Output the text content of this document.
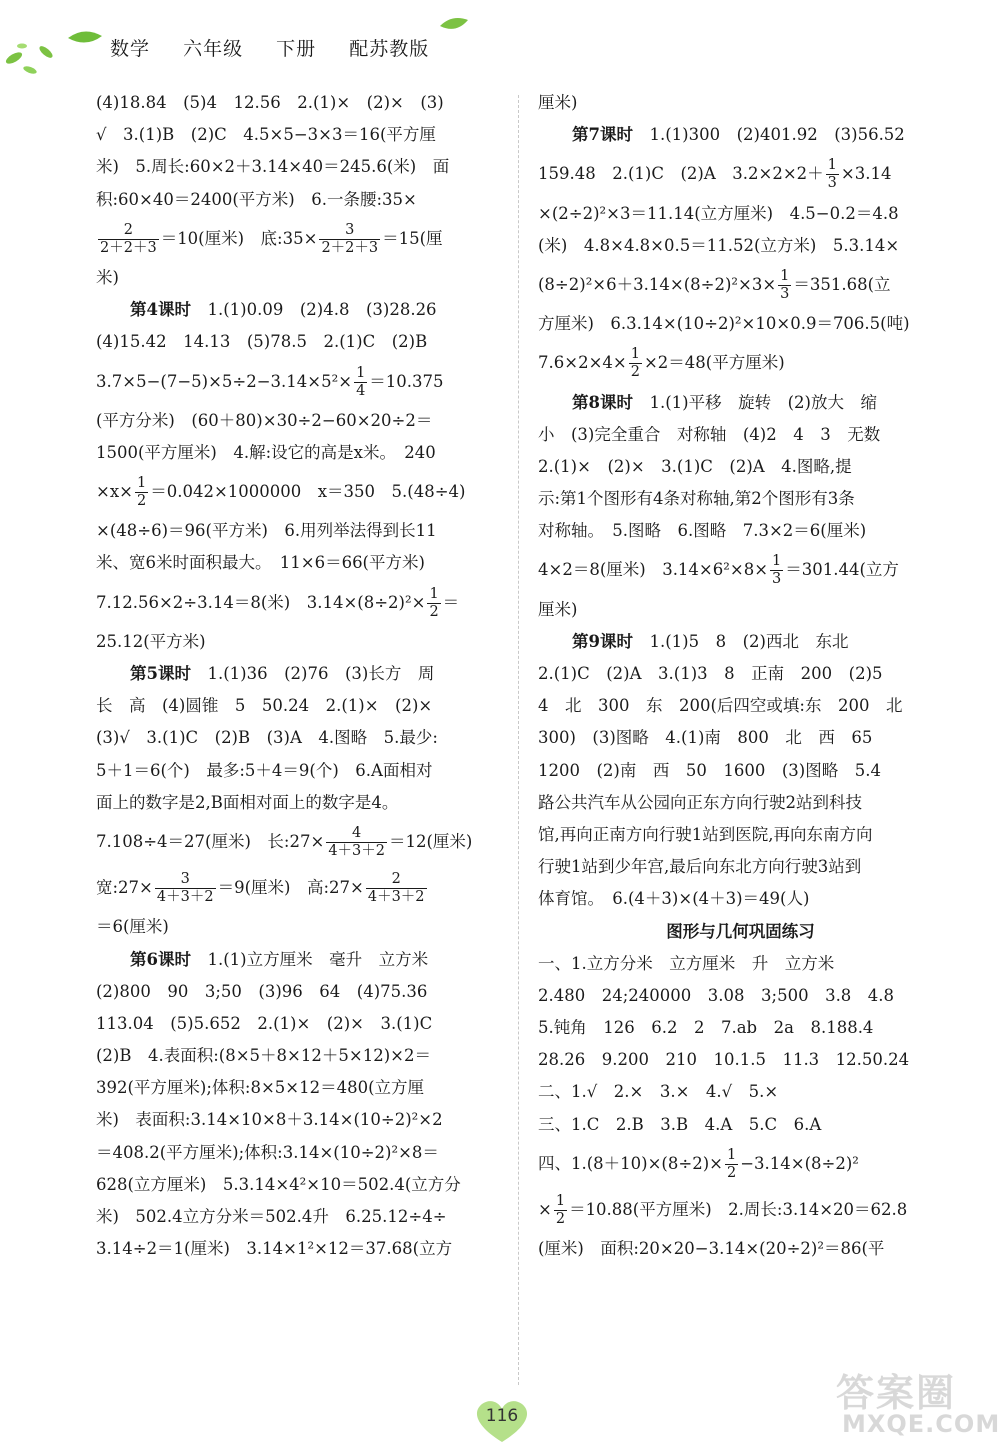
数学 六年级 下册 配苏教版
(4)18.84　(5)4　12.56　2.(1)×　(2)×　(3)
√　3.(1)B　(2)C　4.5×5−3×3＝16(平方厘
米)　5.周长:60×2＋3.14×40＝245.6(米)　面
积:60×40＝2400(平方米)　6.一条腰:35×
$\frac{2}{2+2+3} =10$(厘米)　底:35× $\frac{3}{2+2+3} =15$(厘
米)
第4课时　1.(1)0.09　(2)4.8　(3)28.26
(4)15.42　14.13　(5)78.5　2.(1)C　(2)B
$3.7\times 5-(7-5)\times 5\div 2-3.14\times 5^2\times \frac{1}{4} =10.375$
(平方分米)　(60＋80)×30÷2−60×20÷2＝
1500(平方厘米)　4.解:设它的高是x米。　240
$\times x\times \frac{1}{2} =0.042\times 1000000$　x＝350　5.(48÷4)
×(48÷6)＝96(平方米)　6.用列举法得到长11
米、宽6米时面积最大。　11×6＝66(平方米)
7.12.56×2÷3.14＝8(米)　$3.14\times(8\div 2)^2\times \frac{1}{2}$ ＝
25.12(平方米)
第5课时　1.(1)36　(2)76　(3)长方　周
长　高　(4)圆锥　5　50.24　2.(1)×　(2)×
(3)√　3.(1)C　(2)B　(3)A　4.图略　5.最少:
5＋1＝6(个)　最多:5＋4＝9(个)　6.A面相对
面上的数字是2,B面相对面上的数字是4。
7.108÷4＝27(厘米)　长:27× $\frac{4}{4+3+2} =12$(厘米)
宽:27× $\frac{3}{4+3+2} =9$(厘米)　高:27× $\frac{2}{4+3+2}$
＝6(厘米)
第6课时　1.(1)立方厘米　毫升　立方米
(2)800　90　3;50　(3)96　64　(4)75.36
113.04　(5)5.652　2.(1)×　(2)×　3.(1)C
(2)B　4.表面积:(8×5＋8×12＋5×12)×2＝
392(平方厘米);体积:8×5×12＝480(立方厘
米)　表面积:3.14×10×8＋3.14×(10÷2)²×2
＝408.2(平方厘米);体积:3.14×(10÷2)²×8＝
628(立方厘米)　5.3.14×4²×10＝502.4(立方分
米)　502.4立方分米＝502.4升　6.25.12÷4÷
3.14÷2＝1(厘米)　3.14×1²×12＝37.68(立方
厘米)
第7课时　1.(1)300　(2)401.92　(3)56.52
159.48　2.(1)C　(2)A　$3.2\times 2\times 2+ \frac{1}{3} \times 3.14$
×(2÷2)²×3＝11.14(立方厘米)　4.5−0.2＝4.8
(米)　4.8×4.8×0.5＝11.52(立方米)　5.3.14×
$(8\div 2)^2\times 6+3.14\times(8\div 2)^2\times 3\times \frac{1}{3} =351.68$(立
方厘米)　6.3.14×(10÷2)²×10×0.9＝706.5(吨)
$7.6\times 2\times 4\times \frac{1}{2} \times 2=48$(平方厘米)
第8课时　1.(1)平移　旋转　(2)放大　缩
小　(3)完全重合　对称轴　(4)2　4　3　无数
2.(1)×　(2)×　3.(1)C　(2)A　4.图略,提
示:第1个图形有4条对称轴,第2个图形有3条
对称轴。　5.图略　6.图略　7.3×2＝6(厘米)
4×2＝8(厘米)　$3.14\times 6^2\times 8\times \frac{1}{3} =301.44$(立方
厘米)
第9课时　1.(1)5　8　(2)西北　东北
2.(1)C　(2)A　3.(1)3　8　正南　200　(2)5
4　北　300　东　200(后四空或填:东　200　北
300)　(3)图略　4.(1)南　800　北　西　65
1200　(2)南　西　50　1600　(3)图略　5.4
路公共汽车从公园向正东方向行驶2站到科技
馆,再向正南方向行驶1站到医院,再向东南方向
行驶1站到少年宫,最后向东北方向行驶3站到
体育馆。　6.(4＋3)×(4＋3)＝49(人)
图形与几何巩固练习
一、1.立方分米　立方厘米　升　立方米
2.480　24;240000　3.08　3;500　3.8　4.8
5.钝角　126　6.2　2　7.ab　2a　8.188.4
28.26　9.200　210　10.1.5　11.3　12.50.24
二、1.√　2.×　3.×　4.√　5.×
三、1.C　2.B　3.B　4.A　5.C　6.A
四、$1.(8+10)\times(8\div 2)\times \frac{1}{2} -3.14\times(8\div 2)^2$
× $\frac{1}{2} =10.88$(平方厘米)　2.周长:3.14×20＝62.8
(厘米)　面积:20×20−3.14×(20÷2)²＝86(平
116
答案圈
MXQE.COM
